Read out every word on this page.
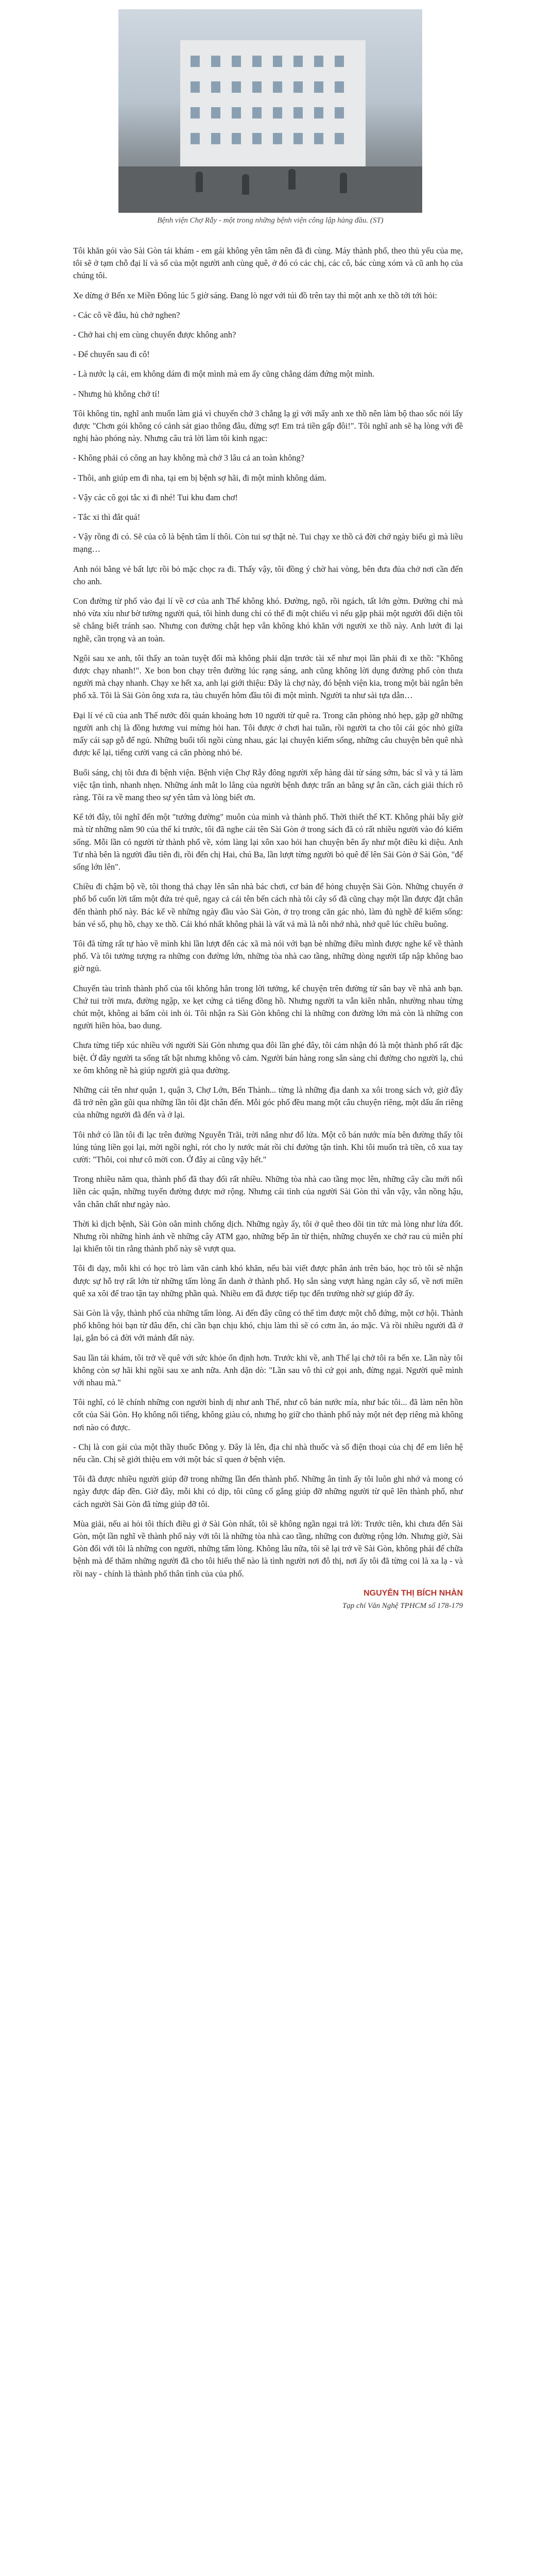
Bệnh viện Chợ Rẫy - một trong những bệnh viện công lập hàng đầu. (ST)

Tôi khăn gói vào Sài Gòn tái khám - em gái không yên tâm nên đã đi cùng. Máy thành phố, theo thủ yếu của mẹ, tôi sẽ ở tạm chỗ đại lí và sổ của một người anh cùng quê, ở đó có các chị, các cô, bác cùng xóm và cũ anh họ của chúng tôi.

Xe dừng ở Bến xe Miền Đông lúc 5 giờ sáng. Đang lò ngơ với túi đồ trên tay thì một anh xe thồ tới tới hỏi:

- Các cô về đâu, hủ chở nghen?

- Chở hai chị em cùng chuyến được không anh?

- Để chuyến sau đi cô!

- Là nước lạ cái, em không dám đi một mình mà em ấy cũng chẳng dám đứng một mình.

- Nhưng hủ không chở tí!

Tôi không tin, nghĩ anh muốn làm giá vì chuyến chở 3 chẳng lạ gì với mấy anh xe thồ nên làm bộ thao sốc nói lấy được "Chơn gói không có cảnh sát giao thông đâu, đừng sợ! Em trả tiền gấp đôi!". Tôi nghĩ anh sẽ hạ lòng với đề nghị hào phóng này. Nhưng câu trả lời làm tôi kinh ngạc:

- Không phải có công an hay không mà chở 3 lâu cả an toàn không?

- Thôi, anh giúp em đi nha, tại em bị bệnh sợ hãi, đi một mình không dám.

- Vậy các cô gọi tắc xi đi nhé! Tui khu đam chơ!

- Tắc xi thì đắt quá!

- Vậy rồng đi có. Sẽ của cô là bệnh tâm lí thôi. Còn tui sợ thật nè. Tui chạy xe thồ cả đời chớ ngày biểu gì mà liều mạng…

Anh nói bằng vẻ bất lực rồi bỏ mặc chọc ra đi. Thấy vậy, tôi đồng ý chờ hai vòng, bên đưa đủa chở nơi cần đến cho anh.

Con đường từ phố vào đại lí về cơ của anh Thế không khó. Đường, ngõ, rồi ngách, tất lớn gờm. Đường chỉ mà nhỏ vừa xíu như bờ tường người quá, tôi hình dung chỉ có thể đi một chiếu vì nếu gặp phải một người đối diện tôi sẽ chẳng biết tránh sao. Nhưng con đường chật hẹp vẫn không khó khăn với người xe thồ này. Anh lướt đi lại nghề, cần trọng và an toàn.

Ngôi sau xe anh, tôi thấy an toàn tuyệt đối mà không phải dặn trước tài xế như mọi lần phải đi xe thồ: "Không được chạy nhanh!". Xe bon bon chạy trên đường lúc rạng sáng, anh cũng không lời dụng đường phố còn thưa người mà chạy nhanh. Chạy xe hết xa, anh lại giới thiệu: Đây là chợ này, đó bệnh viện kia, trong một bài ngắn bên phố xã. Tôi là Sài Gòn ông xưa ra, tàu chuyến hôm đầu tôi đi một mình. Người ta như sài tựa dẫn…

Đại lí vé cũ của anh Thế nước đôi quán khoảng hơn 10 người từ quê ra. Trong căn phòng nhỏ hẹp, gặp gỡ những người anh chị là đồng hương vui mừng hỏi han. Tôi được ở chơi hai tuần, rồi người ta cho tôi cái góc nhỏ giữa mấy cái sạp gỗ để ngủ. Những buổi tối ngồi cùng nhau, gác lại chuyện kiếm sống, những câu chuyện bên quê nhà được kể lại, tiếng cười vang cả căn phòng nhỏ bé.

Buổi sáng, chị tôi đưa đi bệnh viện. Bệnh viện Chợ Rẫy đông người xếp hàng dài từ sáng sớm, bác sĩ và y tá làm việc tận tình, nhanh nhẹn. Những ánh mắt lo lắng của người bệnh được trấn an bằng sự ân cần, cách giải thích rõ ràng. Tôi ra về mang theo sự yên tâm và lòng biết ơn.

Kế tới đây, tôi nghĩ đến một "tướng đường" muôn của mình và thành phố. Thời thiết thế KT. Không phải bây giờ mà từ những năm 90 của thế kỉ trước, tôi đã nghe cái tên Sài Gòn ở trong sách đã có rất nhiều người vào đó kiếm sống. Mỗi lần có người từ thành phố về, xóm làng lại xôn xao hỏi han chuyện bên ấy như một điều kì diệu. Anh Tư nhà bên là người đầu tiên đi, rồi đến chị Hai, chú Ba, lần lượt từng người bỏ quê để lên Sài Gòn ở Sài Gòn, "để sống lớn lên".

Chiều đi chậm bộ về, tôi thong thả chạy lên sân nhà bác chơi, cơ bản để hỏng chuyện Sài Gòn. Những chuyến ở phố bổ cuốn lời tấm một đứa trẻ quê, ngay cả cái tên bến cách nhà tôi cây số đã cũng chạy một lần được đặt chân đến thành phố này. Bác kể về những ngày đầu vào Sài Gòn, ở trọ trong căn gác nhỏ, làm đủ nghề để kiếm sống: bán vé số, phụ hồ, chạy xe thồ. Cái khó nhất không phải là vất vả mà là nỗi nhớ nhà, nhớ quê lúc chiều buông.

Tôi đã từng rất tự hào về mình khi lần lượt đến các xã mà nói với bạn bè những điều mình được nghe kể về thành phố. Và tôi tưởng tượng ra những con đường lớn, những tòa nhà cao tầng, những dòng người tấp nập không bao giờ ngủ.

Chuyến tàu trình thành phố của tôi không hẳn trong lời tưởng, kể chuyện trên đường từ sân bay về nhà anh bạn. Chứ tui trời mưa, đường ngập, xe kẹt cứng cả tiếng đồng hồ. Nhưng người ta vẫn kiên nhẫn, nhường nhau từng chút một, không ai bấm còi inh ỏi. Tôi nhận ra Sài Gòn không chỉ là những con đường lớn mà còn là những con người hiền hòa, bao dung.

Chưa từng tiếp xúc nhiều với người Sài Gòn nhưng qua đôi lần ghé đây, tôi cảm nhận đó là một thành phố rất đặc biệt. Ở đây người ta sống tất bật nhưng không vô cảm. Người bán hàng rong sẵn sàng chỉ đường cho người lạ, chú xe ôm không nề hà giúp người già qua đường.

Những cái tên như quận 1, quận 3, Chợ Lớn, Bến Thành... từng là những địa danh xa xôi trong sách vở, giờ đây đã trở nên gần gũi qua những lần tôi đặt chân đến. Mỗi góc phố đều mang một câu chuyện riêng, một dấu ấn riêng của những người đã đến và ở lại.

Tôi nhớ có lần tôi đi lạc trên đường Nguyễn Trãi, trời nắng như đổ lửa. Một cô bán nước mía bên đường thấy tôi lúng túng liền gọi lại, mời ngồi nghỉ, rót cho ly nước mát rồi chỉ đường tận tình. Khi tôi muốn trả tiền, cô xua tay cười: "Thôi, coi như cô mời con. Ở đây ai cũng vậy hết."

Trong nhiều năm qua, thành phố đã thay đổi rất nhiều. Những tòa nhà cao tầng mọc lên, những cây cầu mới nối liền các quận, những tuyến đường được mở rộng. Nhưng cái tình của người Sài Gòn thì vẫn vậy, vẫn nồng hậu, vẫn chân chất như ngày nào.

Thời kì dịch bệnh, Sài Gòn oằn mình chống dịch. Những ngày ấy, tôi ở quê theo dõi tin tức mà lòng như lửa đốt. Nhưng rồi những hình ảnh về những cây ATM gạo, những bếp ăn từ thiện, những chuyến xe chở rau củ miễn phí lại khiến tôi tin rằng thành phố này sẽ vượt qua.

Tôi đi dạy, mỗi khi có học trò làm văn cảnh khó khăn, nếu bài viết được phân ảnh trên báo, học trò tôi sẽ nhận được sự hỗ trợ rất lớn từ những tấm lòng ẩn danh ở thành phố. Họ sẵn sàng vượt hàng ngàn cây số, về nơi miền quê xa xôi để trao tận tay những phần quà. Nhiều em đã được tiếp tục đến trường nhờ sự giúp đỡ ấy.

Sài Gòn là vậy, thành phố của những tấm lòng. Ai đến đây cũng có thể tìm được một chỗ đứng, một cơ hội. Thành phố không hỏi bạn từ đâu đến, chỉ cần bạn chịu khó, chịu làm thì sẽ có cơm ăn, áo mặc. Và rồi nhiều người đã ở lại, gắn bó cả đời với mảnh đất này.

Sau lần tái khám, tôi trở về quê với sức khỏe ổn định hơn. Trước khi về, anh Thế lại chở tôi ra bến xe. Lần này tôi không còn sợ hãi khi ngồi sau xe anh nữa. Anh dặn dò: "Lần sau vô thì cứ gọi anh, đừng ngại. Người quê mình với nhau mà."

Tôi nghĩ, có lẽ chính những con người bình dị như anh Thế, như cô bán nước mía, như bác tôi... đã làm nên hồn cốt của Sài Gòn. Họ không nổi tiếng, không giàu có, nhưng họ giữ cho thành phố này một nét đẹp riêng mà không nơi nào có được.

- Chị là con gái của một thầy thuốc Đông y. Đây là lên, địa chỉ nhà thuốc và số điện thoại của chị để em liên hệ nếu cần. Chị sẽ giới thiệu em với một bác sĩ quen ở bệnh viện.

Tôi đã được nhiều người giúp đỡ trong những lần đến thành phố. Những ân tình ấy tôi luôn ghi nhớ và mong có ngày được đáp đền. Giờ đây, mỗi khi có dịp, tôi cũng cố gắng giúp đỡ những người từ quê lên thành phố, như cách người Sài Gòn đã từng giúp đỡ tôi.

Mùa giải, nếu ai hỏi tôi thích điều gì ở Sài Gòn nhất, tôi sẽ không ngần ngại trả lời: Trước tiên, khi chưa đến Sài Gòn, một lần nghĩ về thành phố này với tôi là những tòa nhà cao tầng, những con đường rộng lớn. Nhưng giờ, Sài Gòn đối với tôi là những con người, những tấm lòng. Không lâu nữa, tôi sẽ lại trở về Sài Gòn, không phải để chữa bệnh mà để thăm những người đã cho tôi hiểu thế nào là tình người nơi đô thị, nơi ấy tôi đã từng coi là xa lạ - và rồi nay - chính là thành phố thân tình của của phố.

NGUYỄN THỊ BÍCH NHÀN
Tạp chí Văn Nghệ TPHCM số 178-179
